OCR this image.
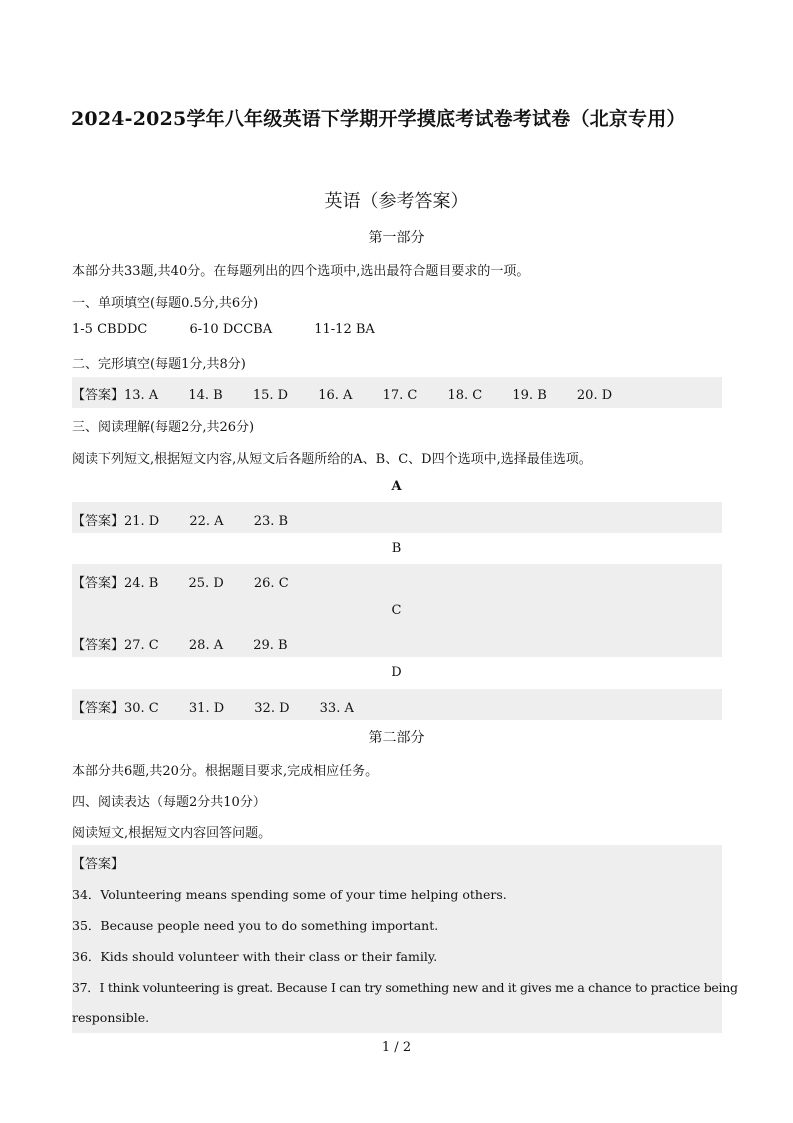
2024-2025学年八年级英语下学期开学摸底考试卷考试卷（北京专用）
英语（参考答案）
第一部分
本部分共33题,共40分。在每题列出的四个选项中,选出最符合题目要求的一项。
一、单项填空(每题0.5分,共6分)
1-5 CBDDC	6-10 DCCBA	11-12 BA
二、完形填空(每题1分,共8分)
【答案】13. A 14. B 15. D 16. A 17. C 18. C 19. B 20. D
三、阅读理解(每题2分,共26分)
阅读下列短文,根据短文内容,从短文后各题所给的A、B、C、D四个选项中,选择最佳选项。
A
【答案】21. D 22. A 23. B
B
【答案】24. B 25. D 26. C
C
【答案】27. C 28. A 29. B
D
【答案】30. C 31. D 32. D 33. A
第二部分
本部分共6题,共20分。根据题目要求,完成相应任务。
四、阅读表达（每题2分共10分）
阅读短文,根据短文内容回答问题。
【答案】
34．Volunteering means spending some of your time helping others.
35．Because people need you to do something important.
36．Kids should volunteer with their class or their family.
37．I think volunteering is great. Because I can try something new and it gives me a chance to practice being
responsible.
1 / 2
